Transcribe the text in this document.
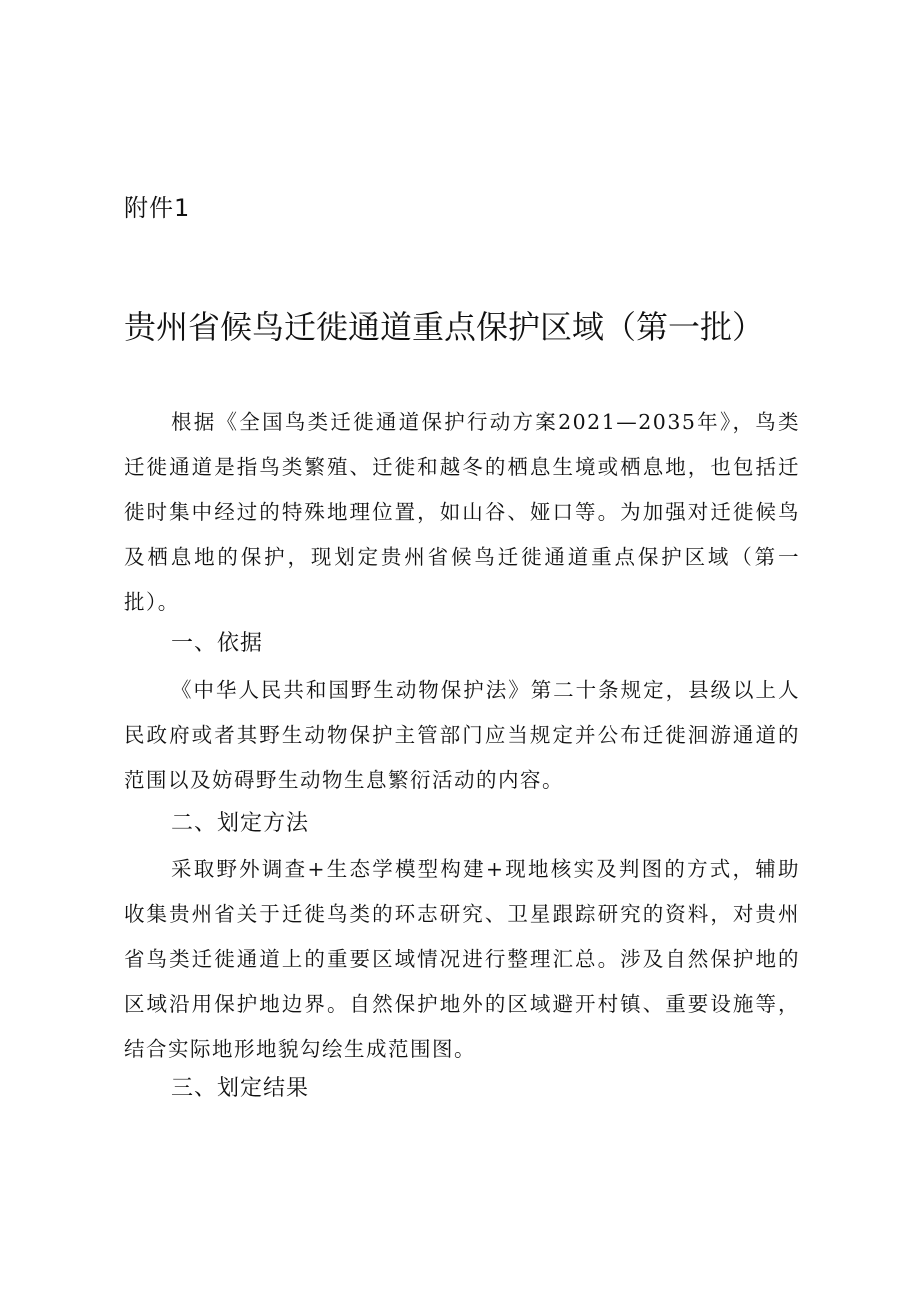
附件1
贵州省候鸟迁徙通道重点保护区域（第一批）

根据《全国鸟类迁徙通道保护行动方案2021—2035年》，鸟类迁徙通道是指鸟类繁殖、迁徙和越冬的栖息生境或栖息地，也包括迁徙时集中经过的特殊地理位置，如山谷、娅口等。为加强对迁徙候鸟及栖息地的保护，现划定贵州省候鸟迁徙通道重点保护区域（第一批）。

一、依据

《中华人民共和国野生动物保护法》第二十条规定，县级以上人民政府或者其野生动物保护主管部门应当规定并公布迁徙洄游通道的范围以及妨碍野生动物生息繁衍活动的内容。

二、划定方法

采取野外调查+生态学模型构建+现地核实及判图的方式，辅助收集贵州省关于迁徙鸟类的环志研究、卫星跟踪研究的资料，对贵州省鸟类迁徙通道上的重要区域情况进行整理汇总。涉及自然保护地的区域沿用保护地边界。自然保护地外的区域避开村镇、重要设施等，结合实际地形地貌勾绘生成范围图。

三、划定结果
